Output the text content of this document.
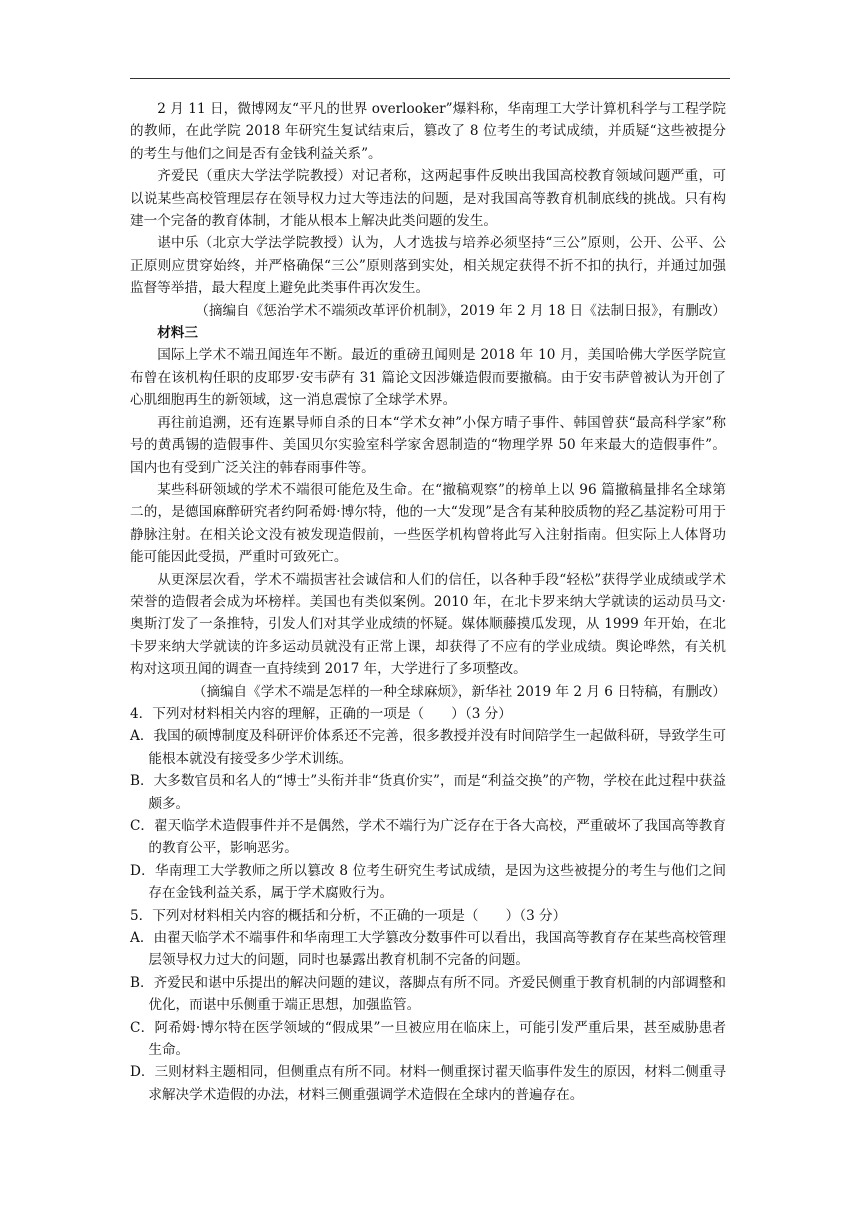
2 月 11 日，微博网友“平凡的世界 overlooker”爆料称，华南理工大学计算机科学与工程学院的教师，在此学院 2018 年研究生复试结束后，篡改了 8 位考生的考试成绩，并质疑“这些被提分的考生与他们之间是否有金钱利益关系”。

齐爱民（重庆大学法学院教授）对记者称，这两起事件反映出我国高校教育领域问题严重，可以说某些高校管理层存在领导权力过大等违法的问题，是对我国高等教育机制底线的挑战。只有构建一个完备的教育体制，才能从根本上解决此类问题的发生。

谌中乐（北京大学法学院教授）认为，人才选拔与培养必须坚持“三公”原则，公开、公平、公正原则应贯穿始终，并严格确保“三公”原则落到实处，相关规定获得不折不扣的执行，并通过加强监督等举措，最大程度上避免此类事件再次发生。

（摘编自《惩治学术不端须改革评价机制》，2019 年 2 月 18 日《法制日报》，有删改）

材料三

国际上学术不端丑闻连年不断。最近的重磅丑闻则是 2018 年 10 月，美国哈佛大学医学院宣布曾在该机构任职的皮耶罗·安韦萨有 31 篇论文因涉嫌造假而要撤稿。由于安韦萨曾被认为开创了心肌细胞再生的新领域，这一消息震惊了全球学术界。

再往前追溯，还有连累导师自杀的日本“学术女神”小保方晴子事件、韩国曾获“最高科学家”称号的黄禹锡的造假事件、美国贝尔实验室科学家舍恩制造的“物理学界 50 年来最大的造假事件”。国内也有受到广泛关注的韩春雨事件等。

某些科研领域的学术不端很可能危及生命。在“撤稿观察”的榜单上以 96 篇撤稿量排名全球第二的，是德国麻醉研究者约阿希姆·博尔特，他的一大“发现”是含有某种胶质物的羟乙基淀粉可用于静脉注射。在相关论文没有被发现造假前，一些医学机构曾将此写入注射指南。但实际上人体肾功能可能因此受损，严重时可致死亡。

从更深层次看，学术不端损害社会诚信和人们的信任，以各种手段“轻松”获得学业成绩或学术荣誉的造假者会成为坏榜样。美国也有类似案例。2010 年，在北卡罗来纳大学就读的运动员马文·奥斯汀发了一条推特，引发人们对其学业成绩的怀疑。媒体顺藤摸瓜发现，从 1999 年开始，在北卡罗来纳大学就读的许多运动员就没有正常上课，却获得了不应有的学业成绩。舆论哗然，有关机构对这项丑闻的调查一直持续到 2017 年，大学进行了多项整改。

（摘编自《学术不端是怎样的一种全球麻烦》，新华社 2019 年 2 月 6 日特稿，有删改）

4．下列对材料相关内容的理解，正确的一项是（　　）（3 分）

A．我国的硕博制度及科研评价体系还不完善，很多教授并没有时间陪学生一起做科研，导致学生可能根本就没有接受多少学术训练。

B．大多数官员和名人的“博士”头衔并非“货真价实”，而是“利益交换”的产物，学校在此过程中获益颇多。

C．翟天临学术造假事件并不是偶然，学术不端行为广泛存在于各大高校，严重破坏了我国高等教育的教育公平，影响恶劣。

D．华南理工大学教师之所以篡改 8 位考生研究生考试成绩，是因为这些被提分的考生与他们之间存在金钱利益关系，属于学术腐败行为。

5．下列对材料相关内容的概括和分析，不正确的一项是（　　）（3 分）

A．由翟天临学术不端事件和华南理工大学篡改分数事件可以看出，我国高等教育存在某些高校管理层领导权力过大的问题，同时也暴露出教育机制不完备的问题。

B．齐爱民和谌中乐提出的解决问题的建议，落脚点有所不同。齐爱民侧重于教育机制的内部调整和优化，而谌中乐侧重于端正思想，加强监管。

C．阿希姆·博尔特在医学领域的“假成果”一旦被应用在临床上，可能引发严重后果，甚至威胁患者生命。

D．三则材料主题相同，但侧重点有所不同。材料一侧重探讨翟天临事件发生的原因，材料二侧重寻求解决学术造假的办法，材料三侧重强调学术造假在全球内的普遍存在。
